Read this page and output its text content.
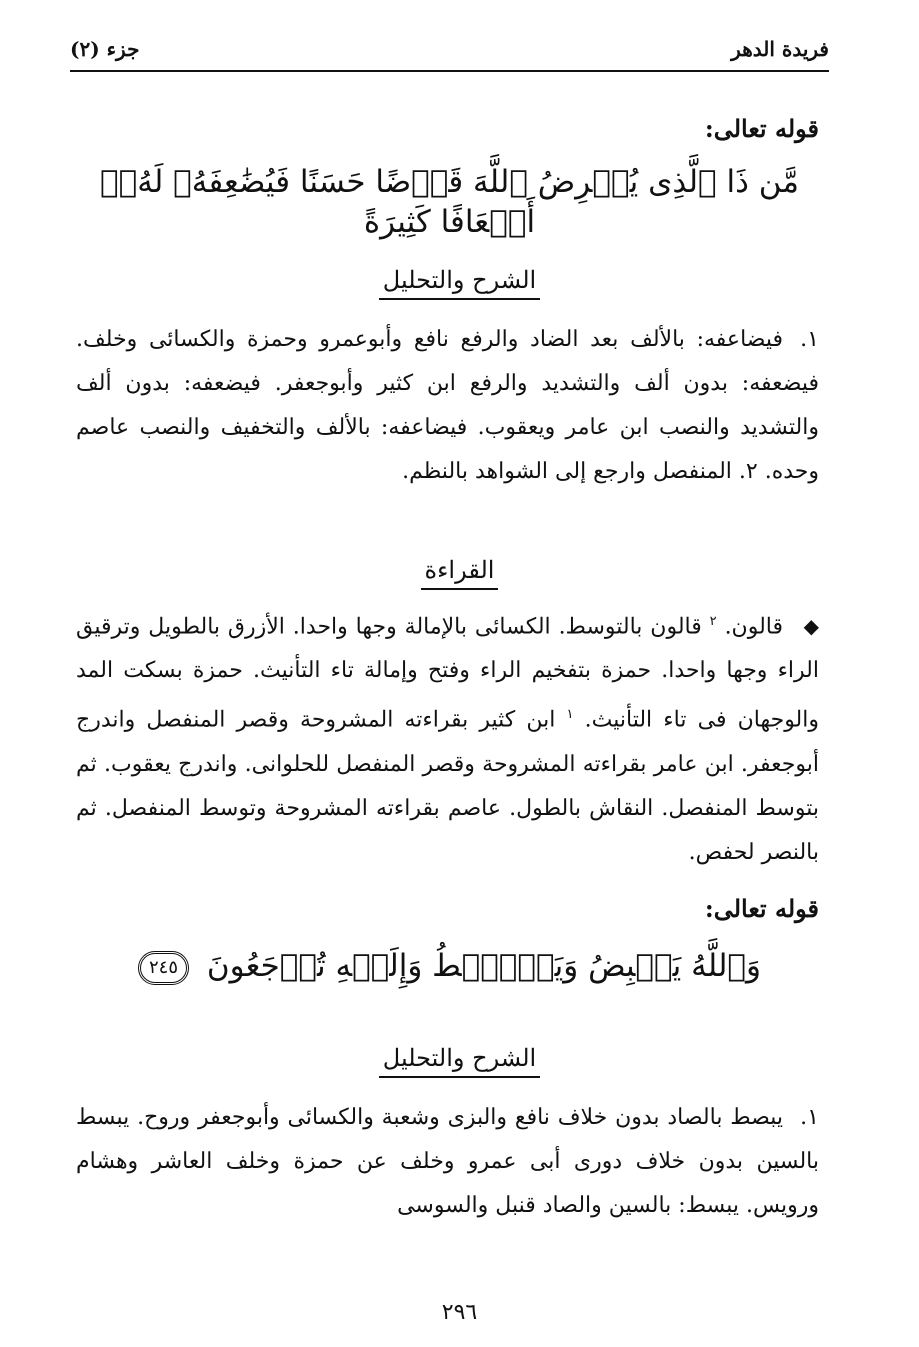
فريدة الدهر
جزء (٢)
قوله تعالى:
مَّن ذَا ٱلَّذِى يُقۡرِضُ ٱللَّهَ قَرۡضًا حَسَنًا فَيُضَٰعِفَهُۥ لَهُۥٓ أَضۡعَافًا كَثِيرَةً
الشرح والتحليل
١.فيضاعفه: بالألف بعد الضاد والرفع نافع وأبوعمرو وحمزة والكسائى وخلف. فيضعفه: بدون ألف والتشديد والرفع ابن كثير وأبوجعفر. فيضعفه: بدون ألف والتشديد والنصب ابن عامر ويعقوب. فيضاعفه: بالألف والتخفيف والنصب عاصم وحده. ٢. المنفصل وارجع إلى الشواهد بالنظم.
القراءة
◆قالون. $^٢$ قالون بالتوسط. الكسائى بالإمالة وجها واحدا. الأزرق بالطويل وترقيق الراء وجها واحدا. حمزة بتفخيم الراء وفتح وإمالة تاء التأنيث. حمزة بسكت المد والوجهان فى تاء التأنيث. $^١$ ابن كثير بقراءته المشروحة وقصر المنفصل واندرج أبوجعفر. ابن عامر بقراءته المشروحة وقصر المنفصل للحلوانى. واندرج يعقوب. ثم بتوسط المنفصل. النقاش بالطول. عاصم بقراءته المشروحة وتوسط المنفصل. ثم بالنصر لحفص.
قوله تعالى:
وَٱللَّهُ يَقۡبِضُ وَيَبۡصُۜطُ وَإِلَيۡهِ تُرۡجَعُونَ ٢٤٥
الشرح والتحليل
١.يبصط بالصاد بدون خلاف نافع والبزى وشعبة والكسائى وأبوجعفر وروح. يبسط بالسين بدون خلاف دورى أبى عمرو وخلف عن حمزة وخلف العاشر وهشام ورويس. يبسط: بالسين والصاد قنبل والسوسى
٢٩٦
